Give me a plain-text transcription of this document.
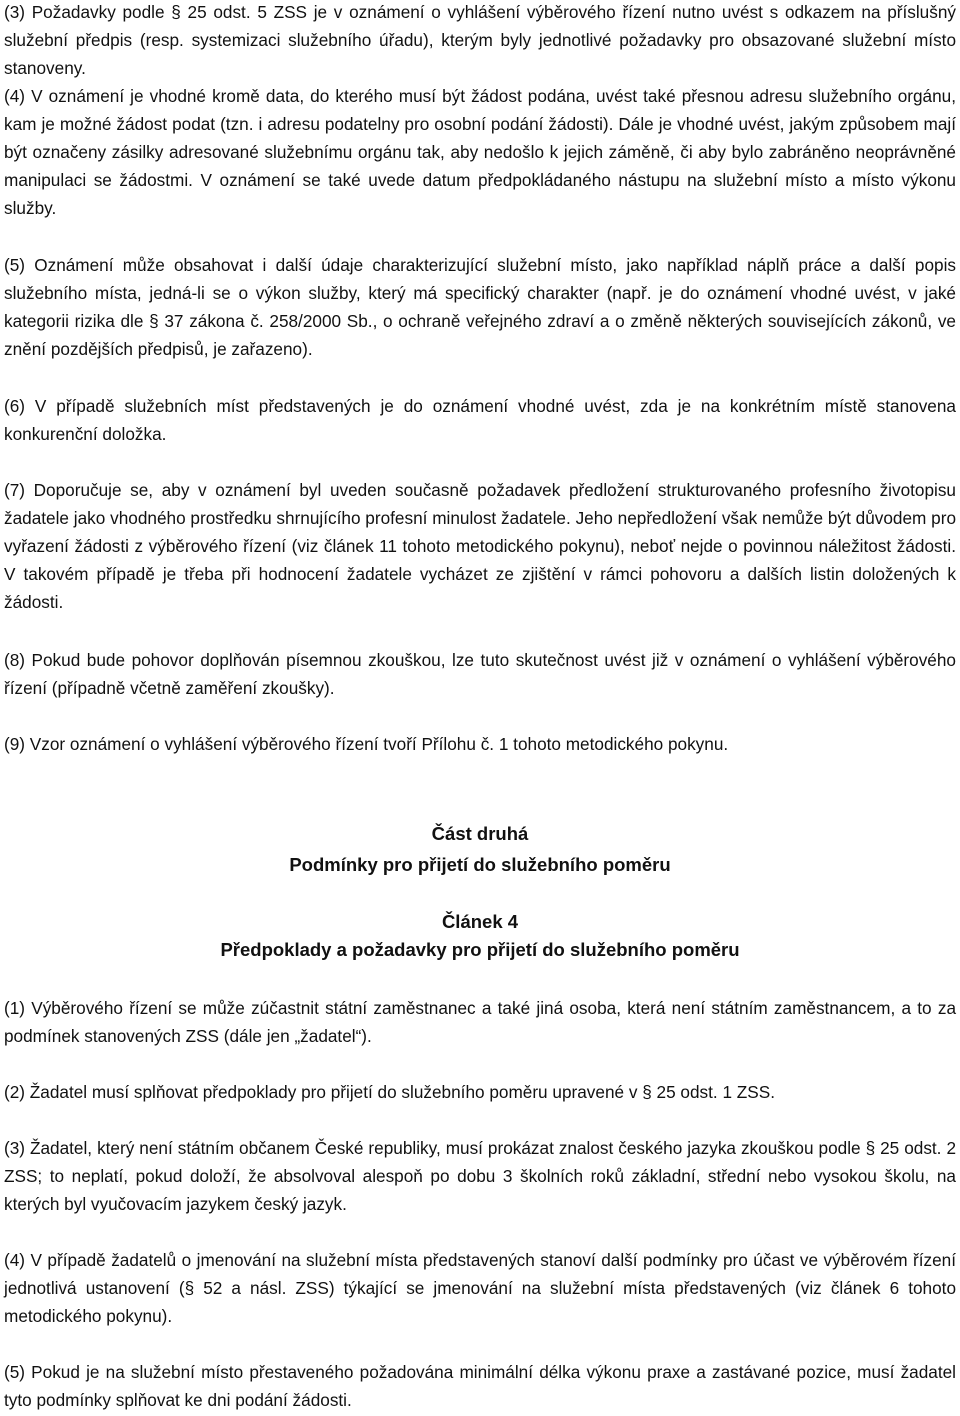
(3) Požadavky podle § 25 odst. 5 ZSS je v oznámení o vyhlášení výběrového řízení nutno uvést s odkazem na příslušný služební předpis (resp. systemizaci služebního úřadu), kterým byly jednotlivé požadavky pro obsazované služební místo stanoveny.

(4) V oznámení je vhodné kromě data, do kterého musí být žádost podána, uvést také přesnou adresu služebního orgánu, kam je možné žádost podat (tzn. i adresu podatelny pro osobní podání žádosti). Dále je vhodné uvést, jakým způsobem mají být označeny zásilky adresované služebnímu orgánu tak, aby nedošlo k jejich záměně, či aby bylo zabráněno neoprávněné manipulaci se žádostmi. V oznámení se také uvede datum předpokládaného nástupu na služební místo a místo výkonu služby.

(5) Oznámení může obsahovat i další údaje charakterizující služební místo, jako například náplň práce a další popis služebního místa, jedná-li se o výkon služby, který má specifický charakter (např. je do oznámení vhodné uvést, v jaké kategorii rizika dle § 37 zákona č. 258/2000 Sb., o ochraně veřejného zdraví a o změně některých souvisejících zákonů, ve znění pozdějších předpisů, je zařazeno).

(6) V případě služebních míst představených je do oznámení vhodné uvést, zda je na konkrétním místě stanovena konkurenční doložka.

(7) Doporučuje se, aby v oznámení byl uveden současně požadavek předložení strukturovaného profesního životopisu žadatele jako vhodného prostředku shrnujícího profesní minulost žadatele. Jeho nepředložení však nemůže být důvodem pro vyřazení žádosti z výběrového řízení (viz článek 11 tohoto metodického pokynu), neboť nejde o povinnou náležitost žádosti. V takovém případě je třeba při hodnocení žadatele vycházet ze zjištění v rámci pohovoru a dalších listin doložených k žádosti.

(8) Pokud bude pohovor doplňován písemnou zkouškou, lze tuto skutečnost uvést již v oznámení o vyhlášení výběrového řízení (případně včetně zaměření zkoušky).

(9) Vzor oznámení o vyhlášení výběrového řízení tvoří Přílohu č. 1 tohoto metodického pokynu.

Část druhá
Podmínky pro přijetí do služebního poměru
Článek 4
Předpoklady a požadavky pro přijetí do služebního poměru

(1) Výběrového řízení se může zúčastnit státní zaměstnanec a také jiná osoba, která není státním zaměstnancem, a to za podmínek stanovených ZSS (dále jen „žadatel“).

(2) Žadatel musí splňovat předpoklady pro přijetí do služebního poměru upravené v § 25 odst. 1 ZSS.

(3) Žadatel, který není státním občanem České republiky, musí prokázat znalost českého jazyka zkouškou podle § 25 odst. 2 ZSS; to neplatí, pokud doloží, že absolvoval alespoň po dobu 3 školních roků základní, střední nebo vysokou školu, na kterých byl vyučovacím jazykem český jazyk.

(4) V případě žadatelů o jmenování na služební místa představených stanoví další podmínky pro účast ve výběrovém řízení jednotlivá ustanovení (§ 52 a násl. ZSS) týkající se jmenování na služební místa představených (viz článek 6 tohoto metodického pokynu).

(5) Pokud je na služební místo přestaveného požadována minimální délka výkonu praxe a zastávané pozice, musí žadatel tyto podmínky splňovat ke dni podání žádosti.
